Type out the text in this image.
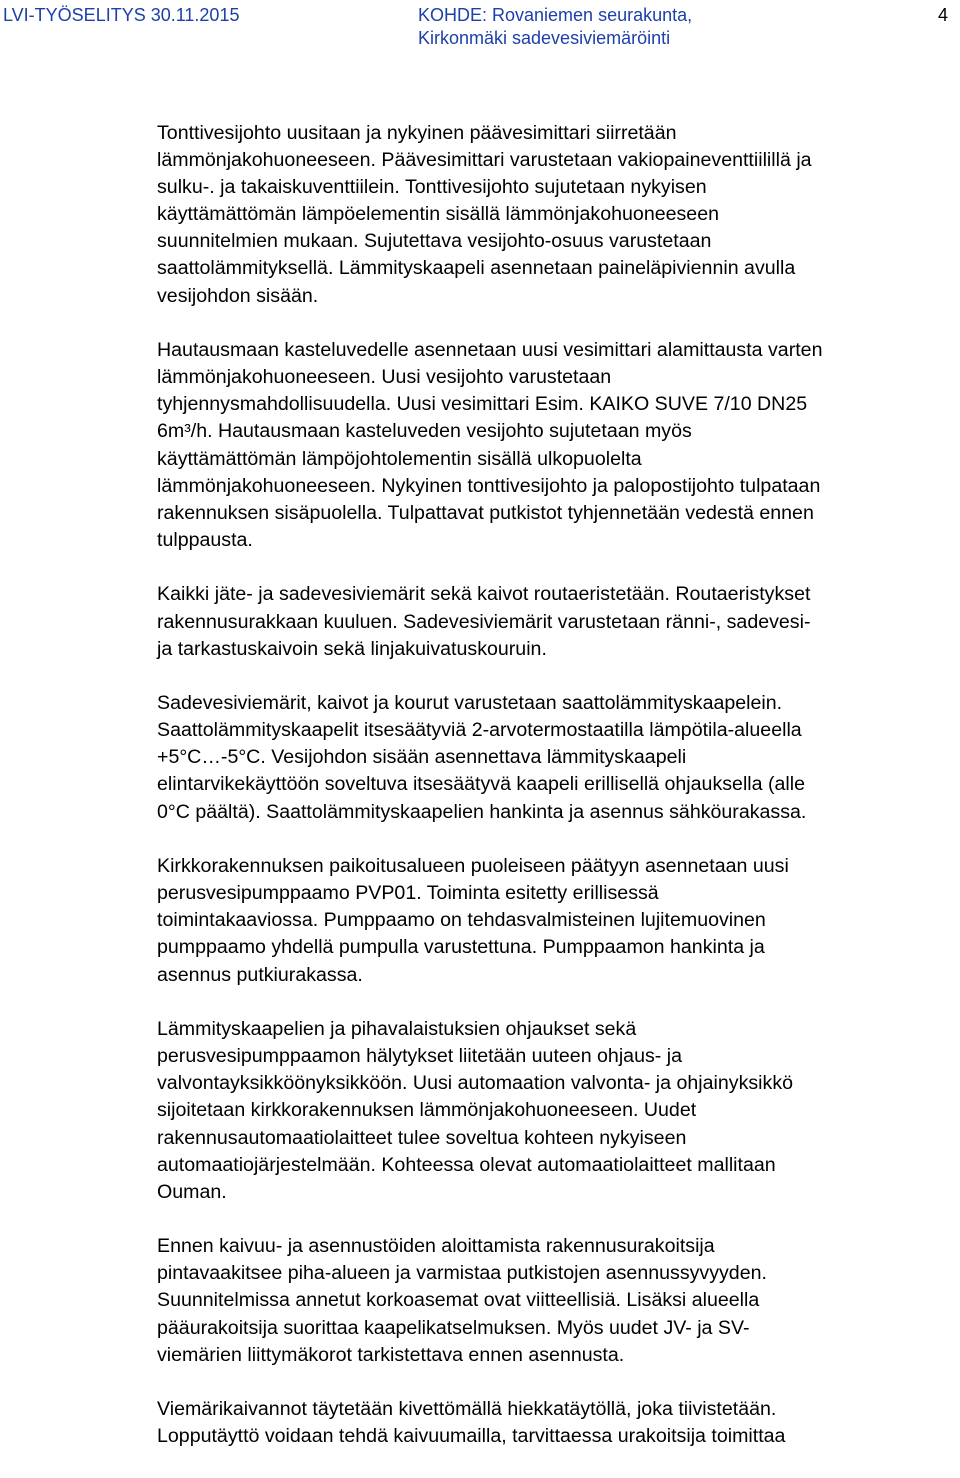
LVI-TYÖSELITYS 30.11.2015	KOHDE: Rovaniemen seurakunta,
Kirkonmäki sadevesiviemäröinti
4
Tonttivesijohto uusitaan ja nykyinen päävesimittari siirretään
lämmönjakohuoneeseen. Päävesimittari varustetaan vakiopaineventtiilillä ja
sulku-. ja takaiskuventtiilein. Tonttivesijohto sujutetaan nykyisen
käyttämättömän lämpöelementin sisällä lämmönjakohuoneeseen
suunnitelmien mukaan. Sujutettava vesijohto-osuus varustetaan
saattolämmityksellä. Lämmityskaapeli asennetaan paineläpiviennin avulla
vesijohdon sisään.
Hautausmaan kasteluvedelle asennetaan uusi vesimittari alamittausta varten
lämmönjakohuoneeseen. Uusi vesijohto varustetaan
tyhjennysmahdollisuudella. Uusi vesimittari Esim. KAIKO SUVE 7/10 DN25
6m³/h. Hautausmaan kasteluveden vesijohto sujutetaan myös
käyttämättömän lämpöjohtolementin sisällä ulkopuolelta
lämmönjakohuoneeseen. Nykyinen tonttivesijohto ja palopostijohto tulpataan
rakennuksen sisäpuolella. Tulpattavat putkistot tyhjennetään vedestä ennen
tulppausta.
Kaikki jäte- ja sadevesiviemärit sekä kaivot routaeristetään. Routaeristykset
rakennusurakkaan kuuluen. Sadevesiviemärit varustetaan ränni-, sadevesi-
ja tarkastuskaivoin sekä linjakuivatuskouruin.
Sadevesiviemärit, kaivot ja kourut varustetaan saattolämmityskaapelein.
Saattolämmityskaapelit itsesäätyviä 2-arvotermostaatilla lämpötila-alueella
+5°C…-5°C. Vesijohdon sisään asennettava lämmityskaapeli
elintarvikekäyttöön soveltuva itsesäätyvä kaapeli erillisellä ohjauksella (alle
0°C päältä). Saattolämmityskaapelien hankinta ja asennus sähköurakassa.
Kirkkorakennuksen paikoitusalueen puoleiseen päätyyn asennetaan uusi
perusvesipumppaamo PVP01. Toiminta esitetty erillisessä
toimintakaaviossa. Pumppaamo on tehdasvalmisteinen lujitemuovinen
pumppaamo yhdellä pumpulla varustettuna. Pumppaamon hankinta ja
asennus putkiurakassa.
Lämmityskaapelien ja pihavalaistuksien ohjaukset sekä
perusvesipumppaamon hälytykset liitetään uuteen ohjaus- ja
valvontayksikköönyksikköön. Uusi automaation valvonta- ja ohjainyksikkö
sijoitetaan kirkkorakennuksen lämmönjakohuoneeseen. Uudet
rakennusautomaatiolaitteet tulee soveltua kohteen nykyiseen
automaatiojärjestelmään. Kohteessa olevat automaatiolaitteet mallitaan
Ouman.
Ennen kaivuu- ja asennustöiden aloittamista rakennusurakoitsija
pintavaakitsee piha-alueen ja varmistaa putkistojen asennussyvyyden.
Suunnitelmissa annetut korkoasemat ovat viitteellisiä. Lisäksi alueella
pääurakoitsija suorittaa kaapelikatselmuksen. Myös uudet JV- ja SV-
viemärien liittymäkorot tarkistettava ennen asennusta.
Viemärikaivannot täytetään kivettömällä hiekkatäytöllä, joka tiivistetään.
Lopputäyttö voidaan tehdä kaivuumailla, tarvittaessa urakoitsija toimittaa
